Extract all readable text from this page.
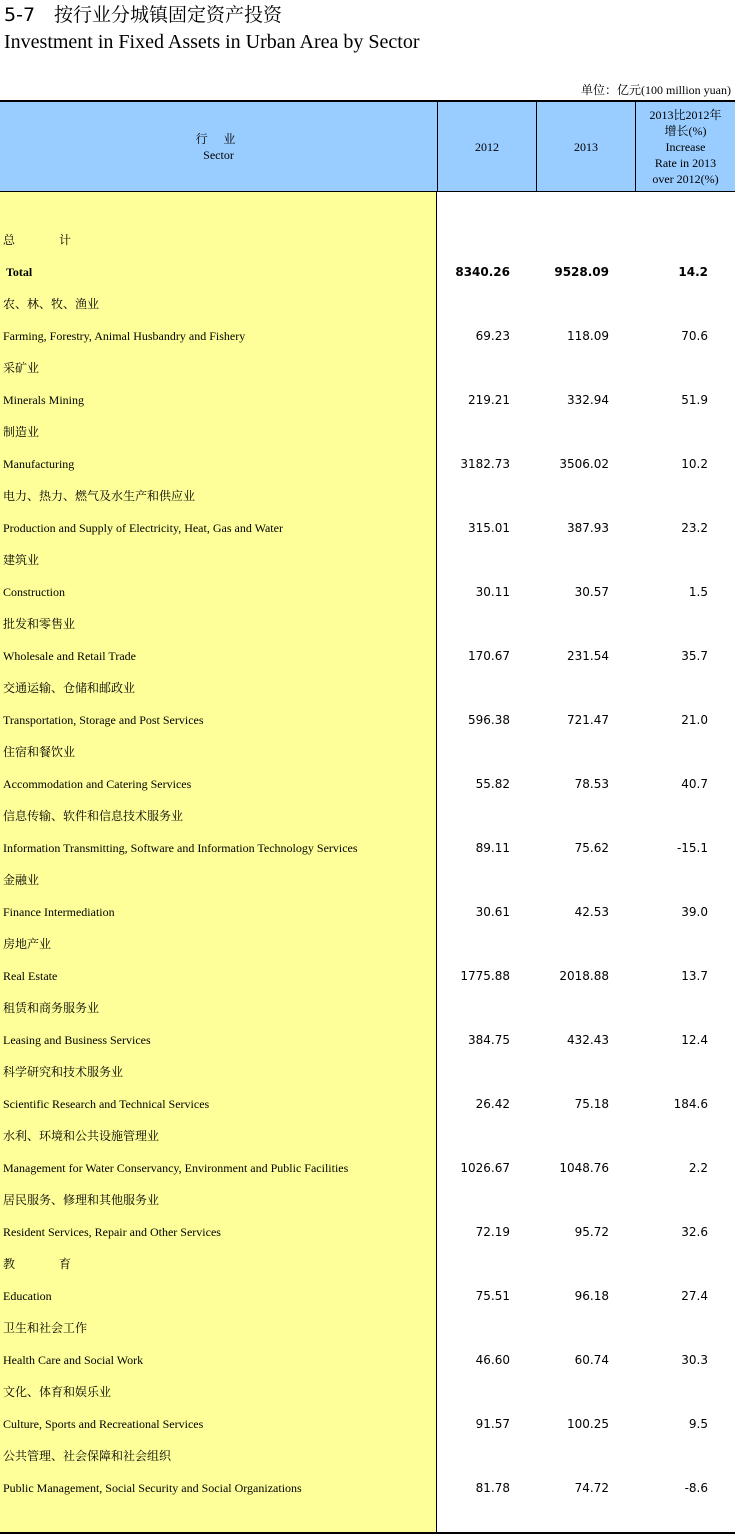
5-7　按行业分城镇固定资产投资
Investment in Fixed Assets in Urban Area by Sector
单位：亿元(100 million yuan)
行 业
Sector
2012	2013
2013比2012年
增长(%)
Increase
Rate in 2013
over 2012(%)
总　计
Total	8340.26	9528.09	14.2
农、林、牧、渔业
Farming, Forestry, Animal Husbandry and Fishery	69.23	118.09	70.6
采矿业
Minerals Mining	219.21	332.94	51.9
制造业
Manufacturing	3182.73	3506.02	10.2
电力、热力、燃气及水生产和供应业
Production and Supply of Electricity, Heat, Gas and Water	315.01	387.93	23.2
建筑业
Construction	30.11	30.57	1.5
批发和零售业
Wholesale and Retail Trade	170.67	231.54	35.7
交通运输、仓储和邮政业
Transportation, Storage and Post Services	596.38	721.47	21.0
住宿和餐饮业
Accommodation and Catering Services	55.82	78.53	40.7
信息传输、软件和信息技术服务业
Information Transmitting, Software and Information Technology Services	89.11	75.62	-15.1
金融业
Finance Intermediation	30.61	42.53	39.0
房地产业
Real Estate	1775.88	2018.88	13.7
租赁和商务服务业
Leasing and Business Services	384.75	432.43	12.4
科学研究和技术服务业
Scientific Research and Technical Services	26.42	75.18	184.6
水利、环境和公共设施管理业
Management for Water Conservancy, Environment and Public Facilities	1026.67	1048.76	2.2
居民服务、修理和其他服务业
Resident Services, Repair and Other Services	72.19	95.72	32.6
教　育
Education	75.51	96.18	27.4
卫生和社会工作
Health Care and Social Work	46.60	60.74	30.3
文化、体育和娱乐业
Culture, Sports and Recreational Services	91.57	100.25	9.5
公共管理、社会保障和社会组织
Public Management, Social Security and Social Organizations	81.78	74.72	-8.6
